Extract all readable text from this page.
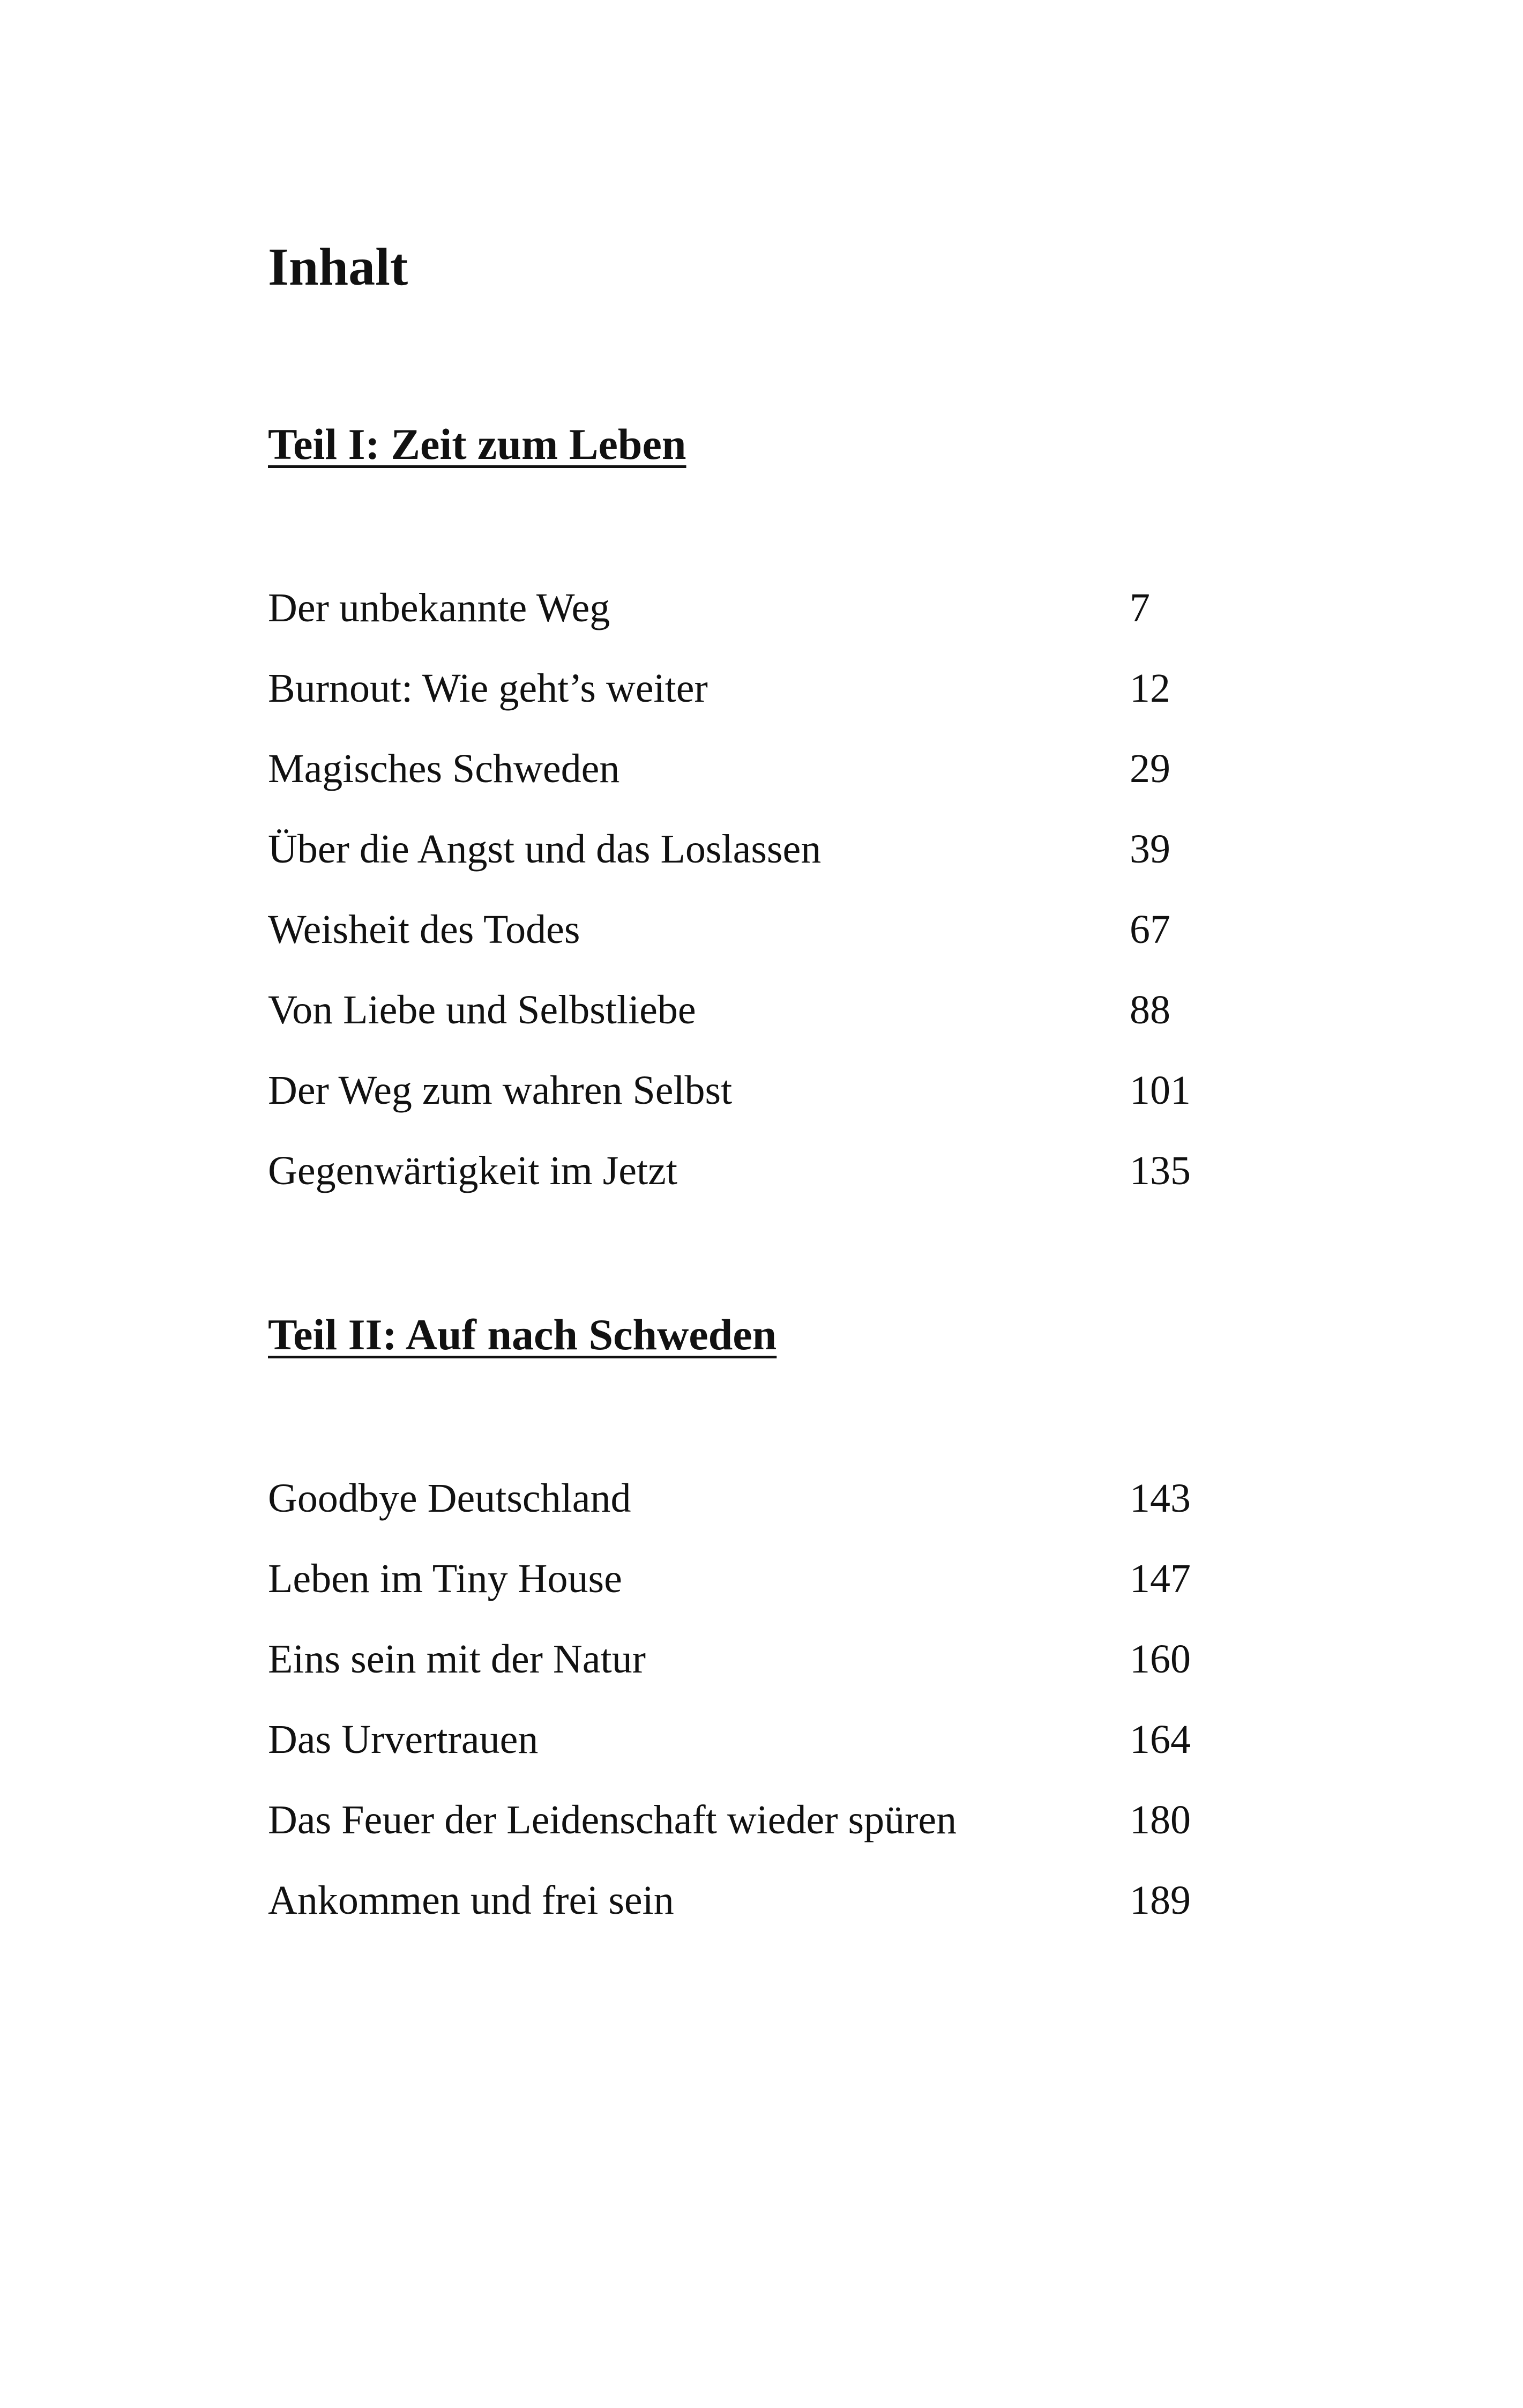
Inhalt
Teil I: Zeit zum Leben
Der unbekannte Weg	7
Burnout: Wie geht’s weiter	12
Magisches Schweden	29
Über die Angst und das Loslassen	39
Weisheit des Todes	67
Von Liebe und Selbstliebe	88
Der Weg zum wahren Selbst	101
Gegenwärtigkeit im Jetzt	135
Teil II: Auf nach Schweden
Goodbye Deutschland	143
Leben im Tiny House	147
Eins sein mit der Natur	160
Das Urvertrauen	164
Das Feuer der Leidenschaft wieder spüren	180
Ankommen und frei sein	189
